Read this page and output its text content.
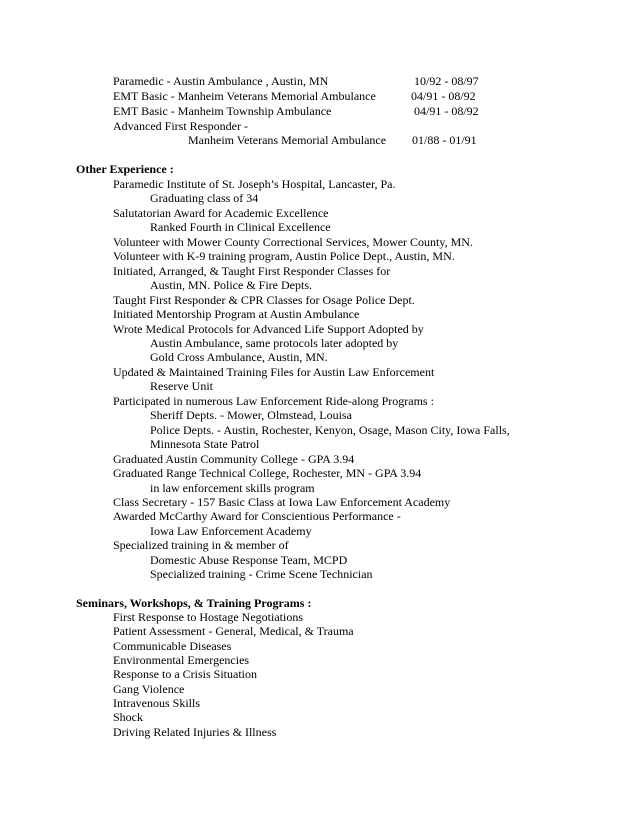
Paramedic - Austin Ambulance , Austin, MN	10/92 - 08/97
EMT Basic - Manheim Veterans Memorial Ambulance	04/91 - 08/92
EMT Basic - Manheim Township Ambulance	04/91 - 08/92
Advanced First Responder -
Manheim Veterans Memorial Ambulance 01/88 - 01/91
Other Experience :
Paramedic Institute of St. Joseph’s Hospital, Lancaster, Pa.
Graduating class of 34
Salutatorian Award for Academic Excellence
Ranked Fourth in Clinical Excellence
Volunteer with Mower County Correctional Services, Mower County, MN.
Volunteer with K-9 training program, Austin Police Dept., Austin, MN.
Initiated, Arranged, & Taught First Responder Classes for
Austin, MN. Police & Fire Depts.
Taught First Responder & CPR Classes for Osage Police Dept.
Initiated Mentorship Program at Austin Ambulance
Wrote Medical Protocols for Advanced Life Support Adopted by
Austin Ambulance, same protocols later adopted by
Gold Cross Ambulance, Austin, MN.
Updated & Maintained Training Files for Austin Law Enforcement
Reserve Unit
Participated in numerous Law Enforcement Ride-along Programs :
Sheriff Depts. - Mower, Olmstead, Louisa
Police Depts. - Austin, Rochester, Kenyon, Osage, Mason City, Iowa Falls,
Minnesota State Patrol
Graduated Austin Community College - GPA 3.94
Graduated Range Technical College, Rochester, MN - GPA 3.94
in law enforcement skills program
Class Secretary - 157 Basic Class at Iowa Law Enforcement Academy
Awarded McCarthy Award for Conscientious Performance -
Iowa Law Enforcement Academy
Specialized training in & member of
Domestic Abuse Response Team, MCPD
Specialized training - Crime Scene Technician
Seminars, Workshops, & Training Programs :
First Response to Hostage Negotiations
Patient Assessment - General, Medical, & Trauma
Communicable Diseases
Environmental Emergencies
Response to a Crisis Situation
Gang Violence
Intravenous Skills
Shock
Driving Related Injuries & Illness
